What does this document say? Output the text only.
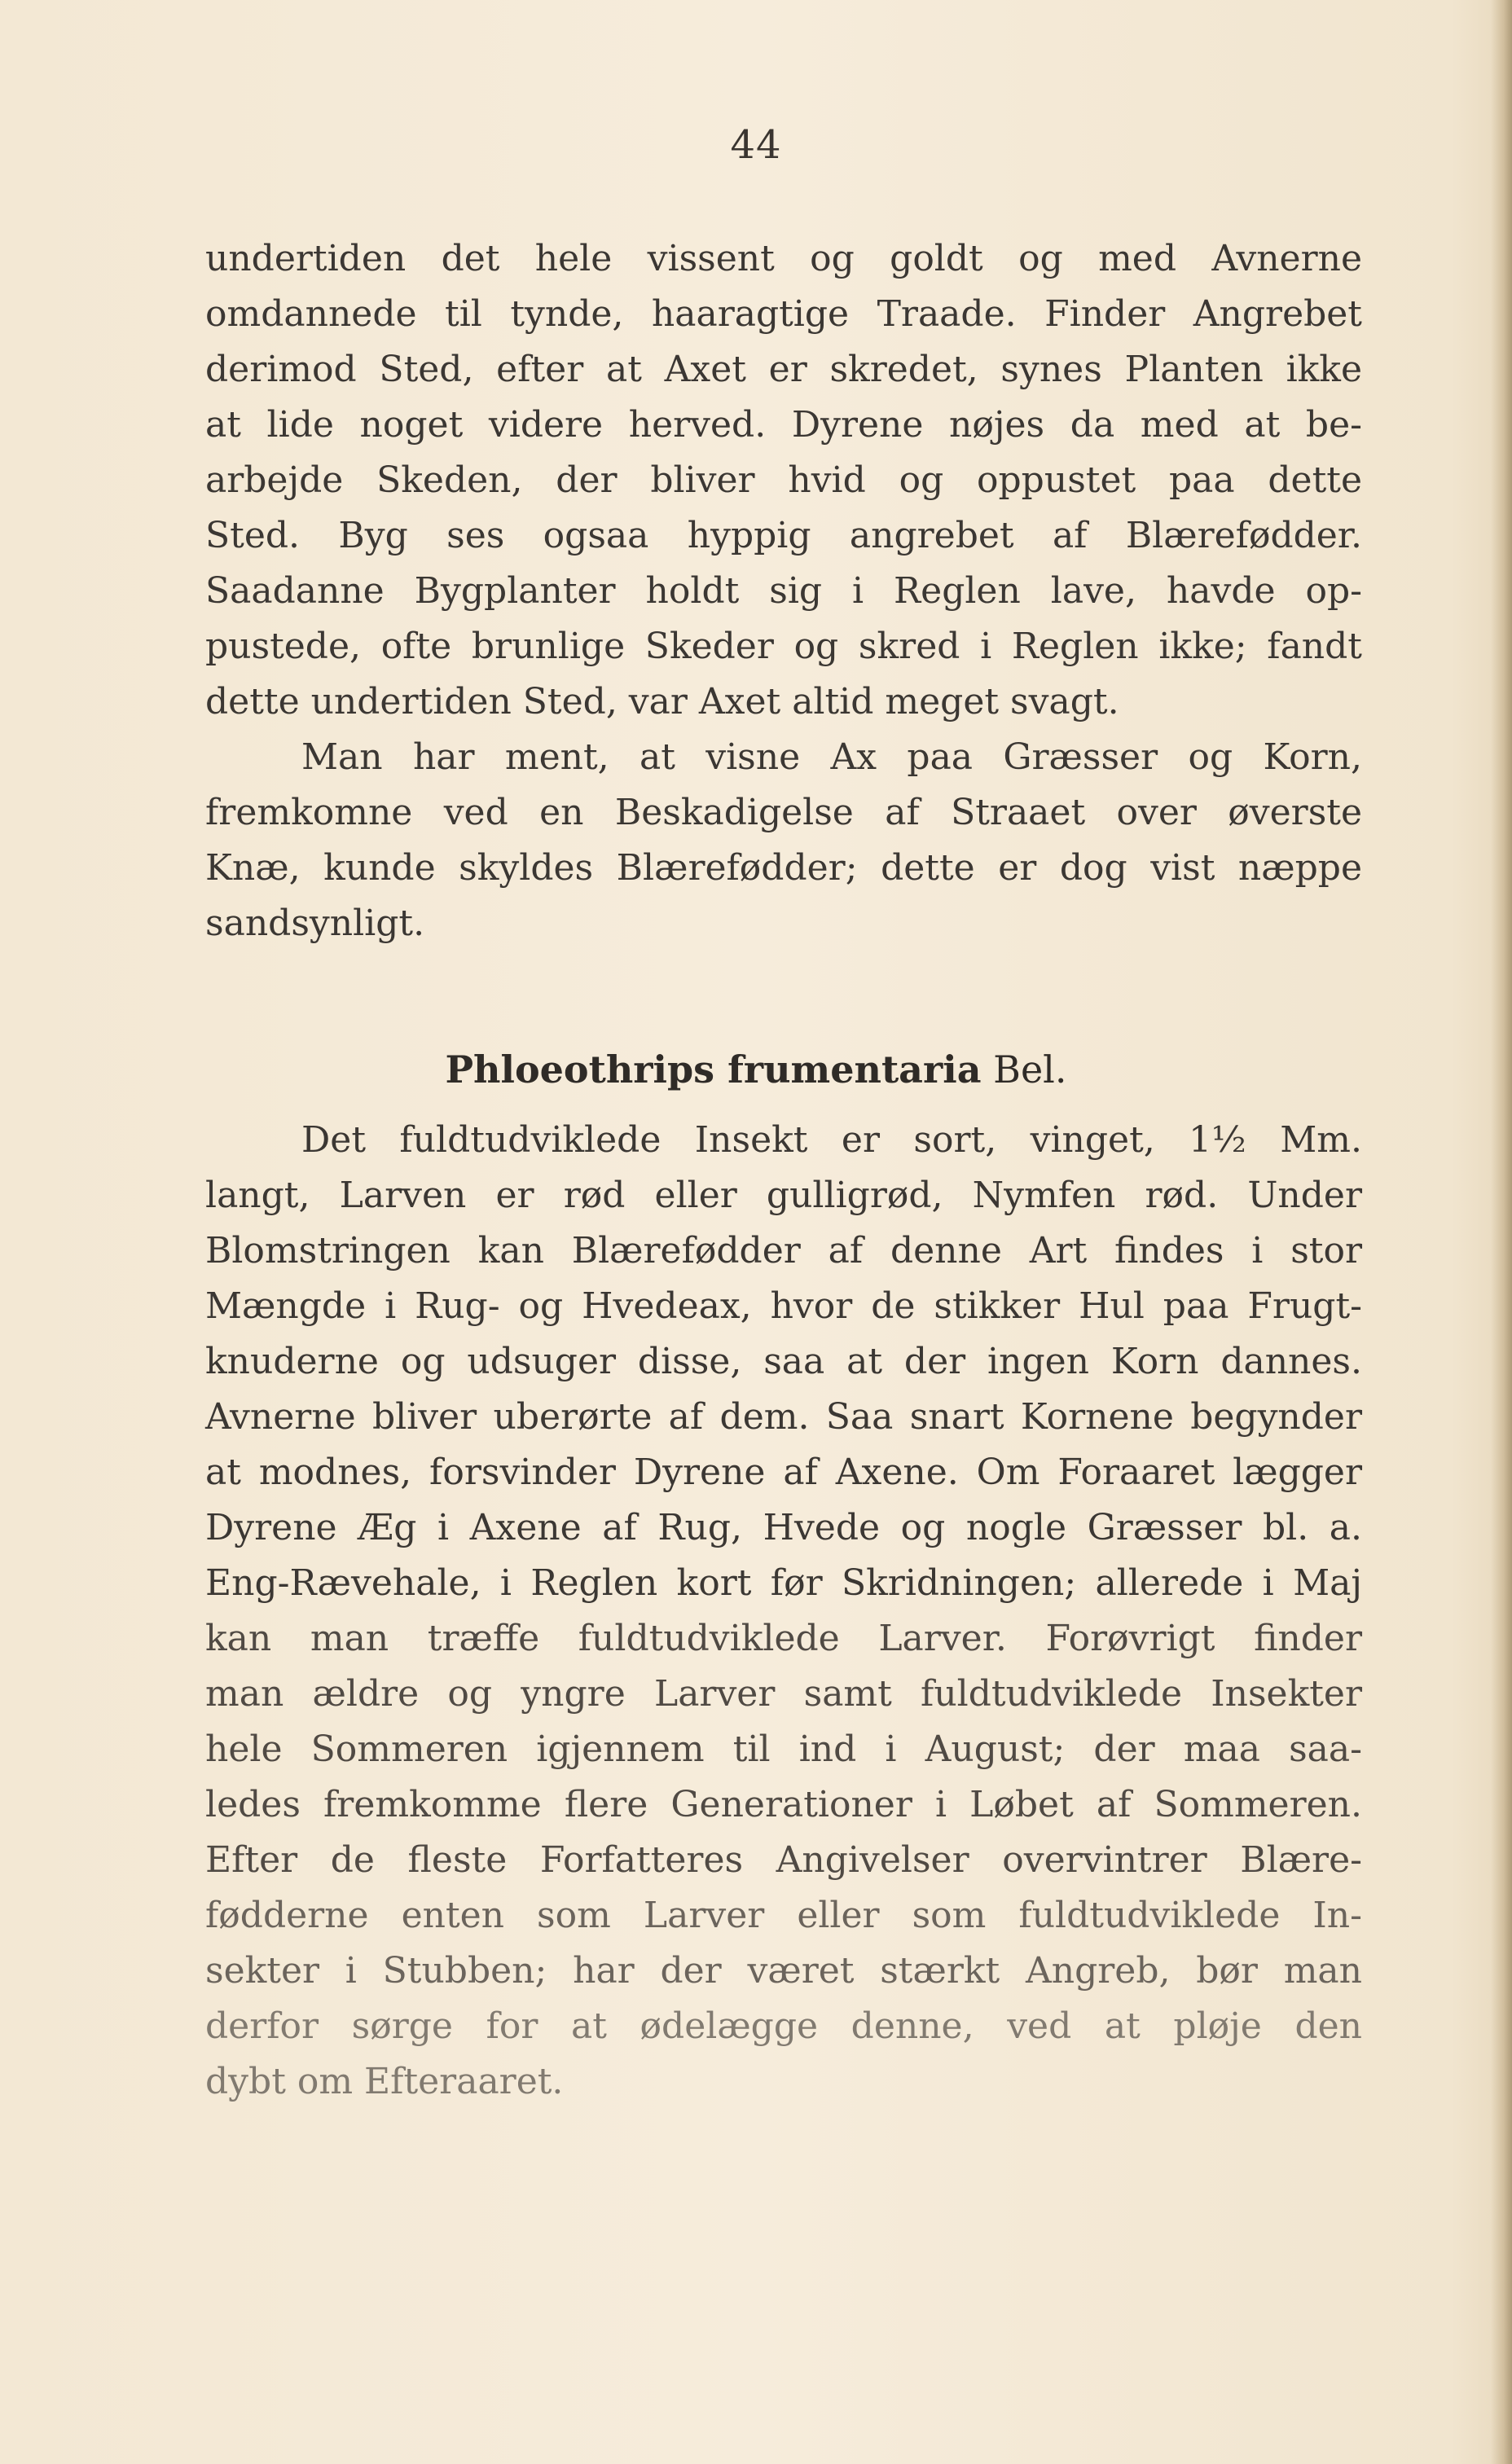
44
undertiden det hele vissent og goldt og med Avnerne
omdannede til tynde, haaragtige Traade. Finder Angrebet
derimod Sted, efter at Axet er skredet, synes Planten ikke
at lide noget videre herved. Dyrene nøjes da med at be-
arbejde Skeden, der bliver hvid og oppustet paa dette
Sted. Byg ses ogsaa hyppig angrebet af Blærefødder.
Saadanne Bygplanter holdt sig i Reglen lave, havde op-
pustede, ofte brunlige Skeder og skred i Reglen ikke; fandt
dette undertiden Sted, var Axet altid meget svagt.
Man har ment, at visne Ax paa Græsser og Korn,
fremkomne ved en Beskadigelse af Straaet over øverste
Knæ, kunde skyldes Blærefødder; dette er dog vist næppe
sandsynligt.
Phloeothrips frumentaria Bel.
Det fuldtudviklede Insekt er sort, vinget, 1½ Mm.
langt, Larven er rød eller gulligrød, Nymfen rød. Under
Blomstringen kan Blærefødder af denne Art findes i stor
Mængde i Rug- og Hvedeax, hvor de stikker Hul paa Frugt-
knuderne og udsuger disse, saa at der ingen Korn dannes.
Avnerne bliver uberørte af dem. Saa snart Kornene begynder
at modnes, forsvinder Dyrene af Axene. Om Foraaret lægger
Dyrene Æg i Axene af Rug, Hvede og nogle Græsser bl. a.
Eng-Rævehale, i Reglen kort før Skridningen; allerede i Maj
kan man træffe fuldtudviklede Larver. Forøvrigt finder
man ældre og yngre Larver samt fuldtudviklede Insekter
hele Sommeren igjennem til ind i August; der maa saa-
ledes fremkomme flere Generationer i Løbet af Sommeren.
Efter de fleste Forfatteres Angivelser overvintrer Blære-
fødderne enten som Larver eller som fuldtudviklede In-
sekter i Stubben; har der været stærkt Angreb, bør man
derfor sørge for at ødelægge denne, ved at pløje den
dybt om Efteraaret.
